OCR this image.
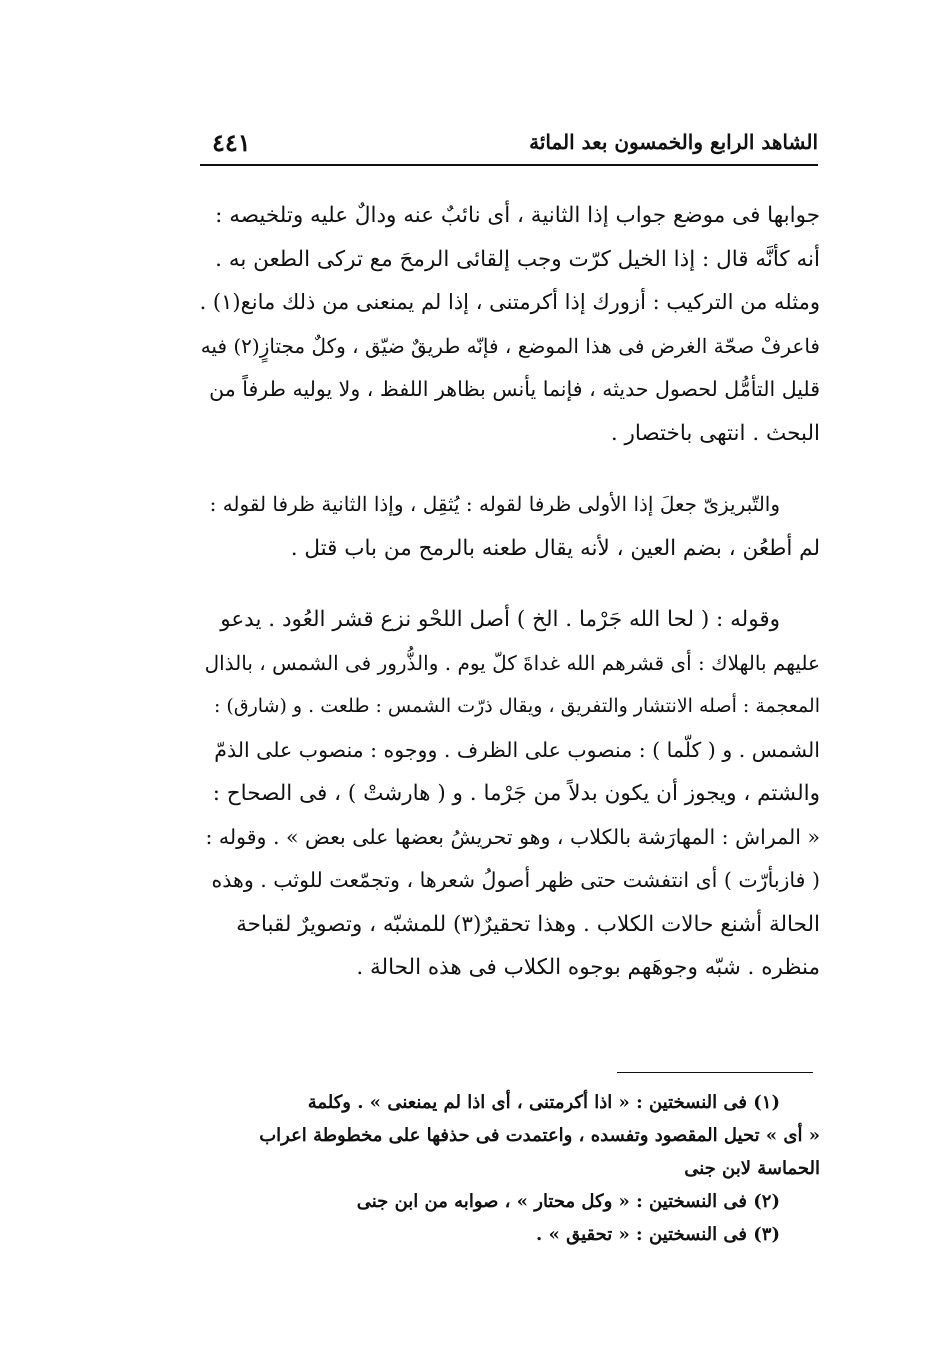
الشاهد الرابع والخمسون بعد المائة
٤٤١
جوابها فى موضع جواب إذا الثانية ، أى نائبٌ عنه ودالٌ عليه وتلخيصه :
أنه كأنَّه قال : إذا الخيل كرّت وجب إلقائى الرمحَ مع تركى الطعن به .
ومثله من التركيب : أزورك إذا أكرمتنى ، إذا لم يمنعنى من ذلك مانع(١) .
فاعرفْ صحّة الغرض فى هذا الموضع ، فإنّه طريقٌ ضيّق ، وكلٌ مجتازٍ(٢) فيه
قليل التأمُّل لحصول حديثه ، فإنما يأنس بظاهر اللفظ ، ولا يوليه طرفاً من
البحث . انتهى باختصار .
والتّبريزىّ جعلَ إذا الأولى ظرفا لقوله : يُثقِل ، وإذا الثانية ظرفا لقوله :
لم أطعُن ، بضم العين ، لأنه يقال طعنه بالرمح من باب قتل .
وقوله : ( لحا الله جَرْما . الخ ) أصل اللحْو نزع قشر العُود . يدعو
عليهم بالهلاك : أى قشرهم الله غداةَ كلّ يوم . والذُّرور فى الشمس ، بالذال
المعجمة : أصله الانتشار والتفريق ، ويقال ذرّت الشمس : طلعت . و (شارق) :
الشمس . و ( كلّما ) : منصوب على الظرف . ووجوه : منصوب على الذمّ
والشتم ، ويجوز أن يكون بدلاً من جَرْما . و ( هارشتْ ) ، فى الصحاح :
« المراش : المهارَشة بالكلاب ، وهو تحريشُ بعضها على بعض » . وقوله :
( فازبأرّت ) أى انتفشت حتى ظهر أصولُ شعرها ، وتجمّعت للوثب . وهذه
الحالة أشنع حالات الكلاب . وهذا تحقيرٌ(٣) للمشبّه ، وتصويرٌ لقباحة
منظره . شبّه وجوهَهم بوجوه الكلاب فى هذه الحالة .
(١) فى النسختين : « اذا أكرمتنى ، أى اذا لم يمنعنى » . وكلمة
« أى » تحيل المقصود وتفسده ، واعتمدت فى حذفها على مخطوطة اعراب
الحماسة لابن جنى
(٢) فى النسختين : « وكل محتار » ، صوابه من ابن جنى
(٣) فى النسختين : « تحقيق » .
